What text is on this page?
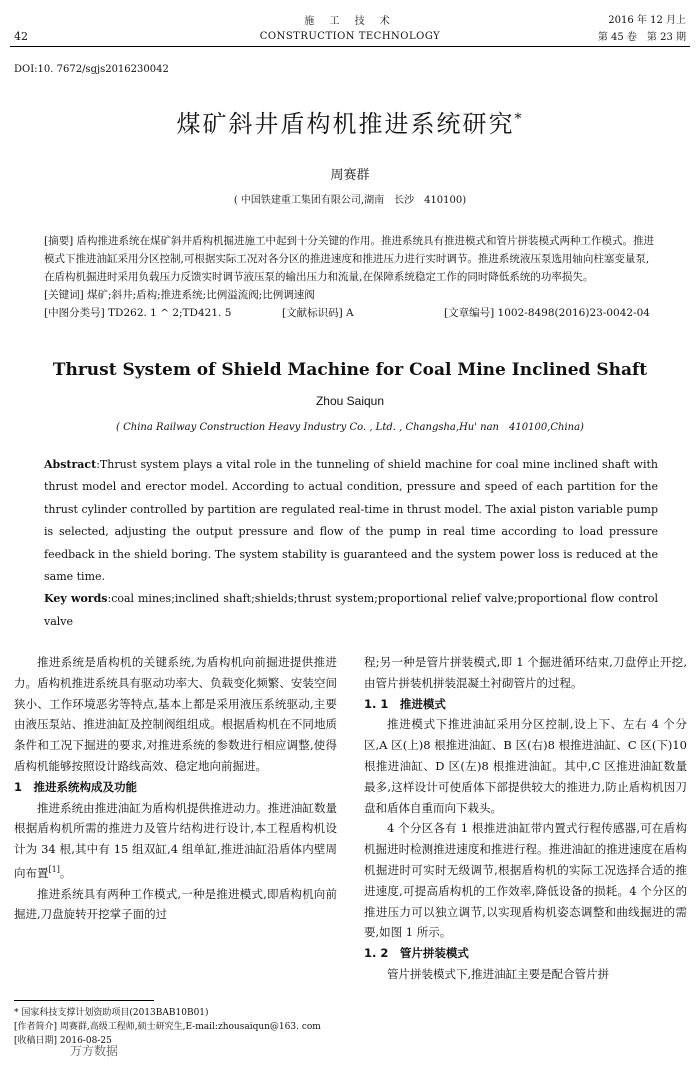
42
施 工 技 术
CONSTRUCTION TECHNOLOGY
2016 年 12 月上
第 45 卷　第 23 期
DOI:10. 7672/sgjs2016230042
煤矿斜井盾构机推进系统研究*
周赛群
( 中国铁建重工集团有限公司,湖南　长沙　410100)

[摘要] 盾构推进系统在煤矿斜井盾构机掘进施工中起到十分关键的作用。推进系统具有推进模式和管片拼装模式两种工作模式。推进模式下推进油缸采用分区控制,可根据实际工况对各分区的推进速度和推进压力进行实时调节。推进系统液压泵选用轴向柱塞变量泵,在盾构机掘进时采用负载压力反馈实时调节液压泵的输出压力和流量,在保障系统稳定工作的同时降低系统的功率损失。

[关键词] 煤矿;斜井;盾构;推进系统;比例溢流阀;比例调速阀

[中图分类号] TD262. 1 ^ 2;TD421. 5	[文献标识码] A	[文章编号] 1002-8498(2016)23-0042-04
Thrust System of Shield Machine for Coal Mine Inclined Shaft
Zhou Saiqun
( China Railway Construction Heavy Industry Co. , Ltd. , Changsha,Hu' nan　410100,China)

Abstract:Thrust system plays a vital role in the tunneling of shield machine for coal mine inclined shaft with thrust model and erector model. According to actual condition, pressure and speed of each partition for the thrust cylinder controlled by partition are regulated real-time in thrust model. The axial piston variable pump is selected, adjusting the output pressure and flow of the pump in real time according to load pressure feedback in the shield boring. The system stability is guaranteed and the system power loss is reduced at the same time.

Key words:coal mines;inclined shaft;shields;thrust system;proportional relief valve;proportional flow control valve

推进系统是盾构机的关键系统,为盾构机向前掘进提供推进力。盾构机推进系统具有驱动功率大、负载变化频繁、安装空间狭小、工作环境恶劣等特点,基本上都是采用液压系统驱动,主要由液压泵站、推进油缸及控制阀组组成。根据盾构机在不同地质条件和工况下掘进的要求,对推进系统的参数进行相应调整,使得盾构机能够按照设计路线高效、稳定地向前掘进。

1　推进系统构成及功能

推进系统由推进油缸为盾构机提供推进动力。推进油缸数量根据盾构机所需的推进力及管片结构进行设计,本工程盾构机设计为 34 根,其中有 15 组双缸,4 组单缸,推进油缸沿盾体内壁周向布置[1]。

推进系统具有两种工作模式,一种是推进模式,即盾构机向前掘进,刀盘旋转开挖掌子面的过

* 国家科技支撑计划资助项目(2013BAB10B01)

[作者简介] 周赛群,高级工程师,硕士研究生,E-mail:zhousaiqun@163. com

[收稿日期] 2016-08-25

万方数据

程;另一种是管片拼装模式,即 1 个掘进循环结束,刀盘停止开挖,由管片拼装机拼装混凝土衬砌管片的过程。

1. 1　推进模式

推进模式下推进油缸采用分区控制,设上下、左右 4 个分区,A 区(上)8 根推进油缸、B 区(右)8 根推进油缸、C 区(下)10 根推进油缸、D 区(左)8 根推进油缸。其中,C 区推进油缸数量最多,这样设计可使盾体下部提供较大的推进力,防止盾构机因刀盘和盾体自重而向下栽头。

4 个分区各有 1 根推进油缸带内置式行程传感器,可在盾构机掘进时检测推进速度和推进行程。推进油缸的推进速度在盾构机掘进时可实时无级调节,根据盾构机的实际工况选择合适的推进速度,可提高盾构机的工作效率,降低设备的损耗。4 个分区的推进压力可以独立调节,以实现盾构机姿态调整和曲线掘进的需要,如图 1 所示。

1. 2　管片拼装模式

管片拼装模式下,推进油缸主要是配合管片拼
